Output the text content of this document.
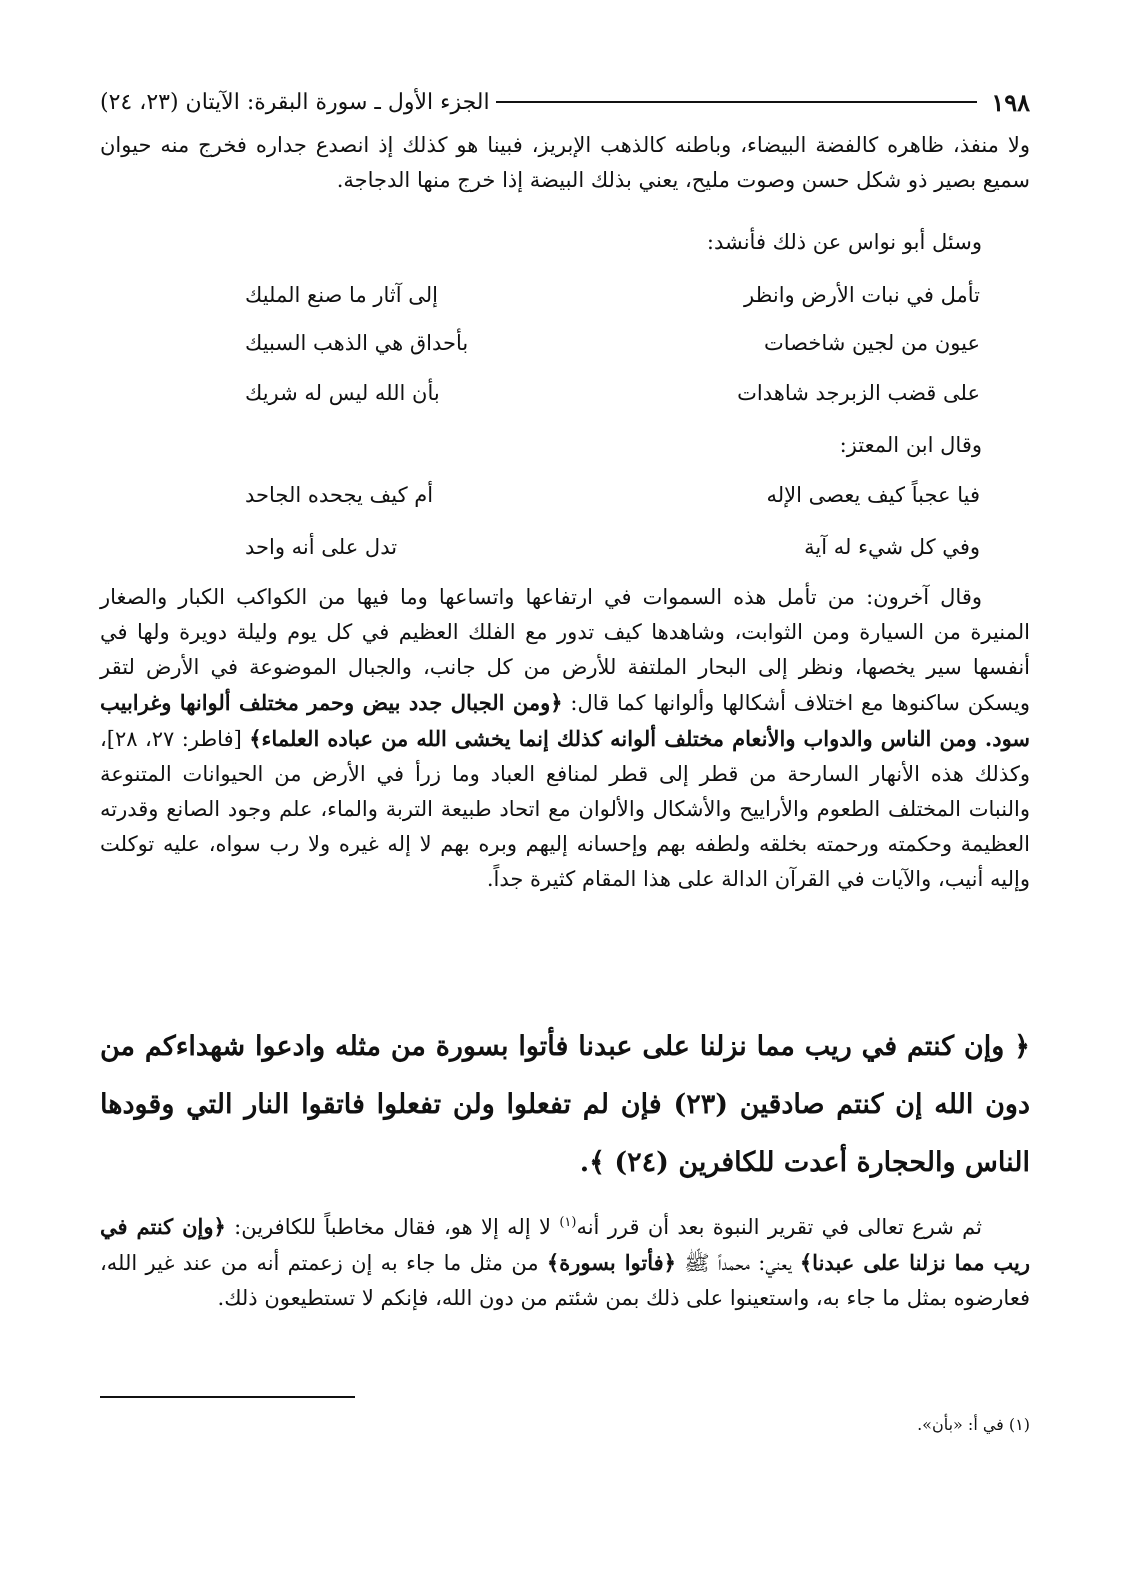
١٩٨
الجزء الأول ـ سورة البقرة: الآيتان (٢٣، ٢٤)

ولا منفذ، ظاهره كالفضة البيضاء، وباطنه كالذهب الإبريز، فبينا هو كذلك إذ انصدع جداره فخرج منه حيوان سميع بصير ذو شكل حسن وصوت مليح، يعني بذلك البيضة إذا خرج منها الدجاجة.

وسئل أبو نواس عن ذلك فأنشد:

تأمل في نبات الأرض وانظر
إلى آثار ما صنع المليك
عيون من لجين شاخصات
بأحداق هي الذهب السبيك
على قضب الزبرجد شاهدات
بأن الله ليس له شريك

وقال ابن المعتز:

فيا عجباً كيف يعصى الإله
أم كيف يجحده الجاحد
وفي كل شيء له آية
تدل على أنه واحد

وقال آخرون: من تأمل هذه السموات في ارتفاعها واتساعها وما فيها من الكواكب الكبار والصغار المنيرة من السيارة ومن الثوابت، وشاهدها كيف تدور مع الفلك العظيم في كل يوم وليلة دويرة ولها في أنفسها سير يخصها، ونظر إلى البحار الملتفة للأرض من كل جانب، والجبال الموضوعة في الأرض لتقر ويسكن ساكنوها مع اختلاف أشكالها وألوانها كما قال: ﴿ومن الجبال جدد بيض وحمر مختلف ألوانها وغرابيب سود. ومن الناس والدواب والأنعام مختلف ألوانه كذلك إنما يخشى الله من عباده العلماء﴾ [فاطر: ٢٧، ٢٨]، وكذلك هذه الأنهار السارحة من قطر إلى قطر لمنافع العباد وما زرأ في الأرض من الحيوانات المتنوعة والنبات المختلف الطعوم والأراييح والأشكال والألوان مع اتحاد طبيعة التربة والماء، علم وجود الصانع وقدرته العظيمة وحكمته ورحمته بخلقه ولطفه بهم وإحسانه إليهم وبره بهم لا إله غيره ولا رب سواه، عليه توكلت وإليه أنيب، والآيات في القرآن الدالة على هذا المقام كثيرة جداً.

﴿ وإن كنتم في ريب مما نزلنا على عبدنا فأتوا بسورة من مثله وادعوا شهداءكم من دون الله إن كنتم صادقين (٢٣) فإن لم تفعلوا ولن تفعلوا فاتقوا النار التي وقودها الناس والحجارة أعدت للكافرين (٢٤) ﴾.

ثم شرع تعالى في تقرير النبوة بعد أن قرر أنه$^{(١)}$ لا إله إلا هو، فقال مخاطباً للكافرين: ﴿وإن كنتم في ريب مما نزلنا على عبدنا﴾ يعني: محمداً ﷺ ﴿فأتوا بسورة﴾ من مثل ما جاء به إن زعمتم أنه من عند غير الله، فعارضوه بمثل ما جاء به، واستعينوا على ذلك بمن شئتم من دون الله، فإنكم لا تستطيعون ذلك.

(١) في أ: «بأن».
